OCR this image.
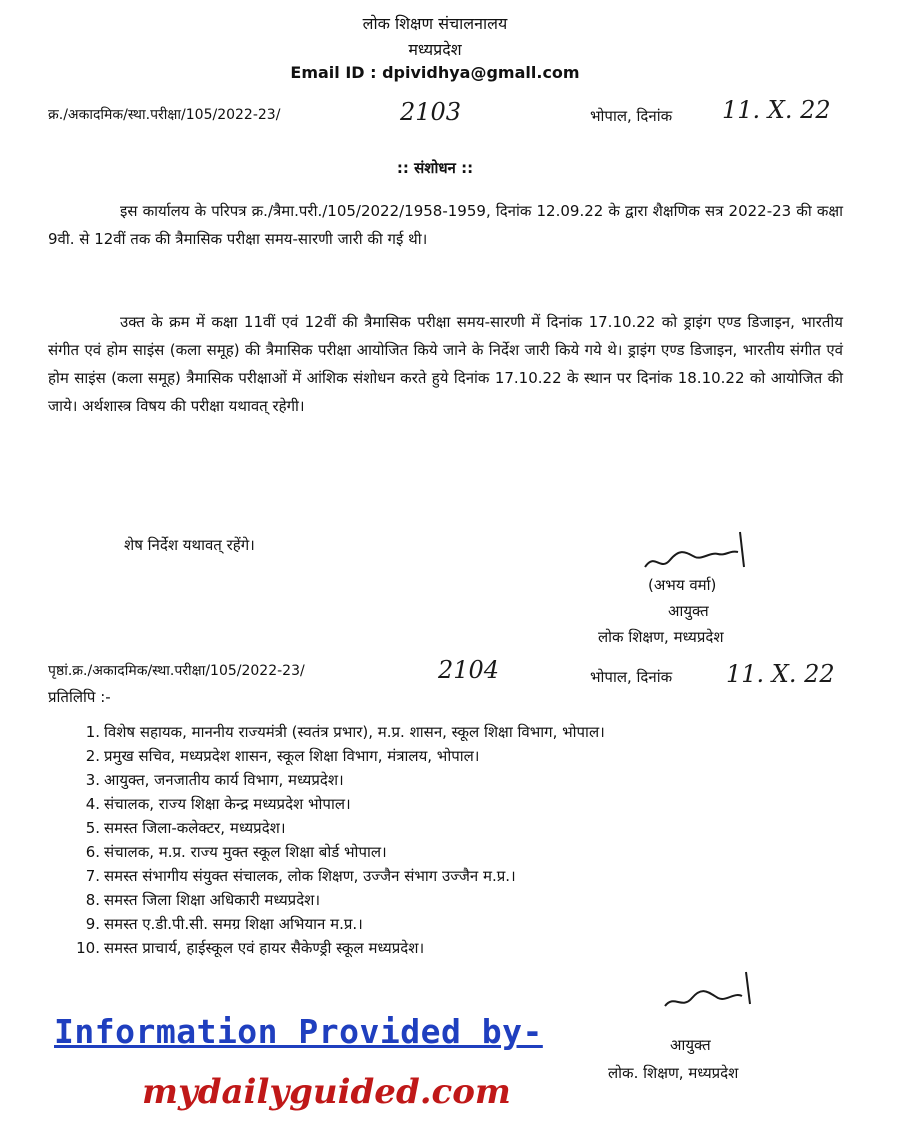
लोक शिक्षण संचालनालय
मध्यप्रदेश
Email ID : dpividhya@gmall.com
क्र./अकादमिक/स्था.परीक्षा/105/2022-23/	2103	भोपाल, दिनांक 11. X. 22
:: संशोधन ::
इस कार्यालय के परिपत्र क्र./त्रैमा.परी./105/2022/1958-1959, दिनांक 12.09.22 के द्वारा शैक्षणिक सत्र 2022-23 की कक्षा 9वी. से 12वीं तक की त्रैमासिक परीक्षा समय-सारणी जारी की गई थी।
उक्त के क्रम में कक्षा 11वीं एवं 12वीं की त्रैमासिक परीक्षा समय-सारणी में दिनांक 17.10.22 को ड्राइंग एण्ड डिजाइन, भारतीय संगीत एवं होम साइंस (कला समूह) की त्रैमासिक परीक्षा आयोजित किये जाने के निर्देश जारी किये गये थे। ड्राइंग एण्ड डिजाइन, भारतीय संगीत एवं होम साइंस (कला समूह) त्रैमासिक परीक्षाओं में आंशिक संशोधन करते हुये दिनांक 17.10.22 के स्थान पर दिनांक 18.10.22 को आयोजित की जाये। अर्थशास्त्र विषय की परीक्षा यथावत् रहेगी।
शेष निर्देश यथावत् रहेंगे।
(अभय वर्मा)
आयुक्त
लोक शिक्षण, मध्यप्रदेश
पृष्ठां.क्र./अकादमिक/स्था.परीक्षा/105/2022-23/	2104	भोपाल, दिनांक 11. X. 22
प्रतिलिपि :-
1. विशेष सहायक, माननीय राज्यमंत्री (स्वतंत्र प्रभार), म.प्र. शासन, स्कूल शिक्षा विभाग, भोपाल।
2. प्रमुख सचिव, मध्यप्रदेश शासन, स्कूल शिक्षा विभाग, मंत्रालय, भोपाल।
3. आयुक्त, जनजातीय कार्य विभाग, मध्यप्रदेश।
4. संचालक, राज्य शिक्षा केन्द्र मध्यप्रदेश भोपाल।
5. समस्त जिला-कलेक्टर, मध्यप्रदेश।
6. संचालक, म.प्र. राज्य मुक्त स्कूल शिक्षा बोर्ड भोपाल।
7. समस्त संभागीय संयुक्त संचालक, लोक शिक्षण, उज्जैन संभाग उज्जैन म.प्र.।
8. समस्त जिला शिक्षा अधिकारी मध्यप्रदेश।
9. समस्त ए.डी.पी.सी. समग्र शिक्षा अभियान म.प्र.।
10. समस्त प्राचार्य, हाईस्कूल एवं हायर सैकेण्ड्री स्कूल मध्यप्रदेश।
आयुक्त
लोक. शिक्षण, मध्यप्रदेश
Information Provided by-
mydailyguided.com
